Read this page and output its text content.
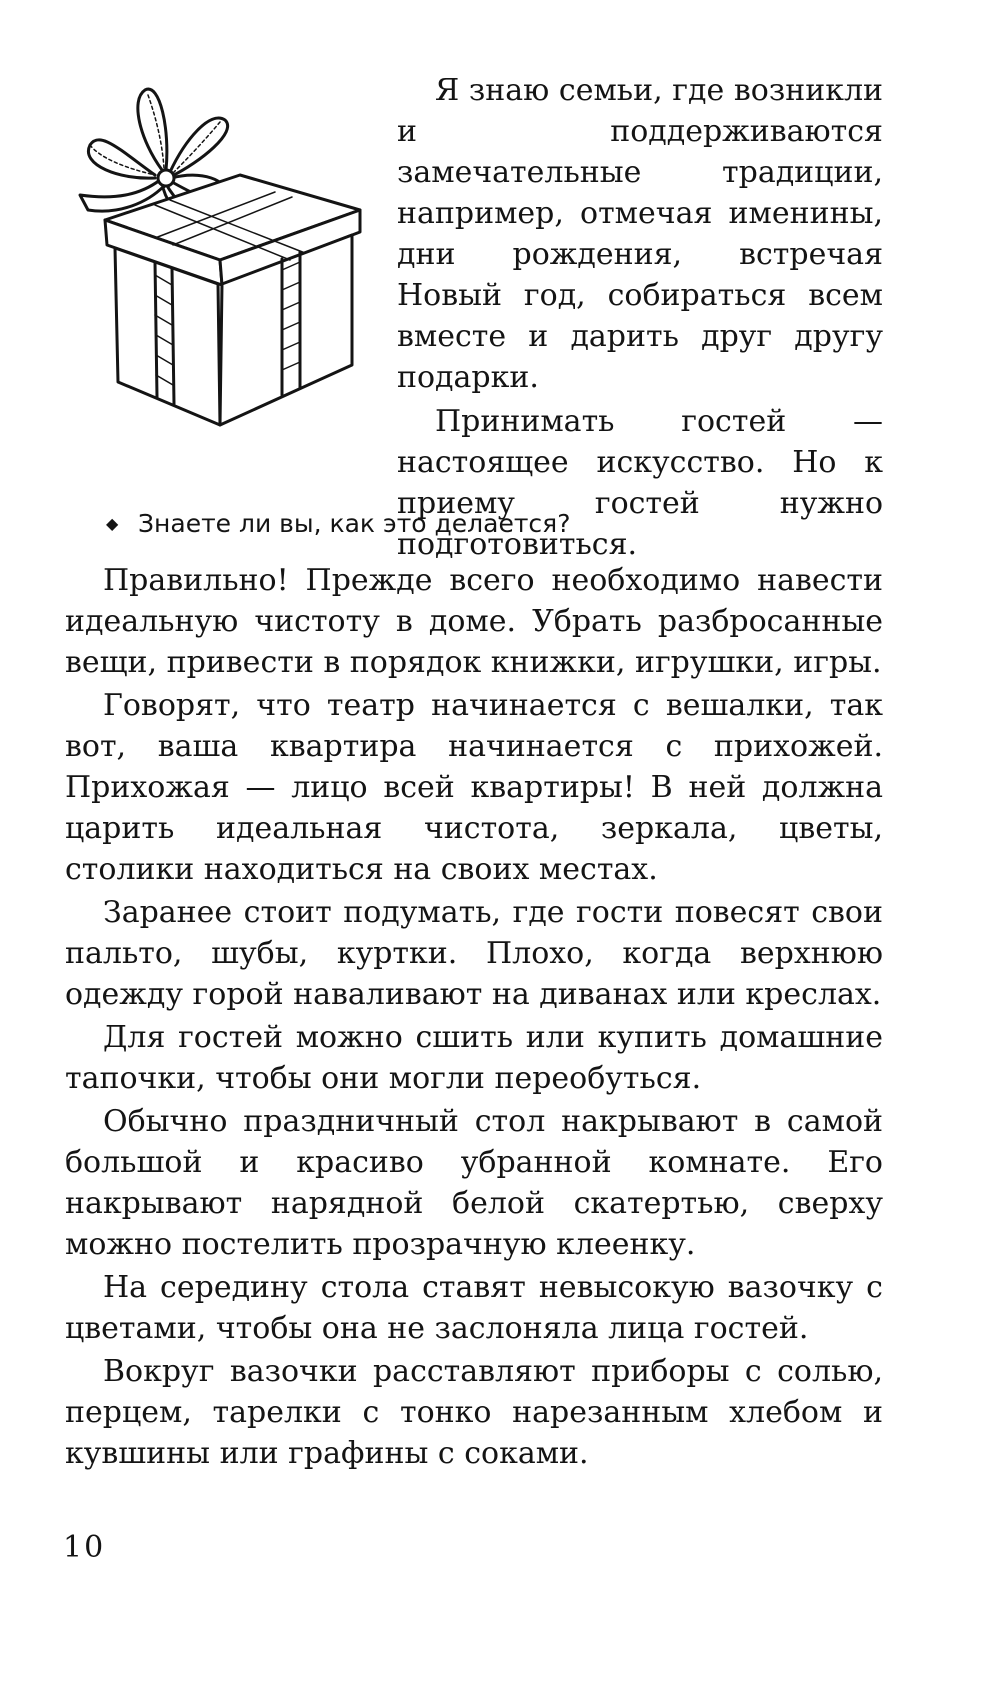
Я знаю семьи, где возникли и поддерживаются замечательные традиции, например, отмечая именины, дни рождения, встречая Новый год, собираться всем вместе и дарить друг другу подарки.

Принимать гостей — настоящее искусство. Но к приему гостей нужно подготовиться.

◆ Знаете ли вы, как это делается?

Правильно! Прежде всего необходимо навести идеальную чистоту в доме. Убрать разбросанные вещи, привести в порядок книжки, игрушки, игры.

Говорят, что театр начинается с вешалки, так вот, ваша квартира начинается с прихожей. Прихожая — лицо всей квартиры! В ней должна царить идеальная чистота, зеркала, цветы, столики находиться на своих местах.

Заранее стоит подумать, где гости повесят свои пальто, шубы, куртки. Плохо, когда верхнюю одежду горой наваливают на диванах или креслах.

Для гостей можно сшить или купить домашние тапочки, чтобы они могли переобуться.

Обычно праздничный стол накрывают в самой большой и красиво убранной комнате. Его накрывают нарядной белой скатертью, сверху можно постелить прозрачную клеенку.

На середину стола ставят невысокую вазочку с цветами, чтобы она не заслоняла лица гостей.

Вокруг вазочки расставляют приборы с солью, перцем, тарелки с тонко нарезанным хлебом и кувшины или графины с соками.

10
